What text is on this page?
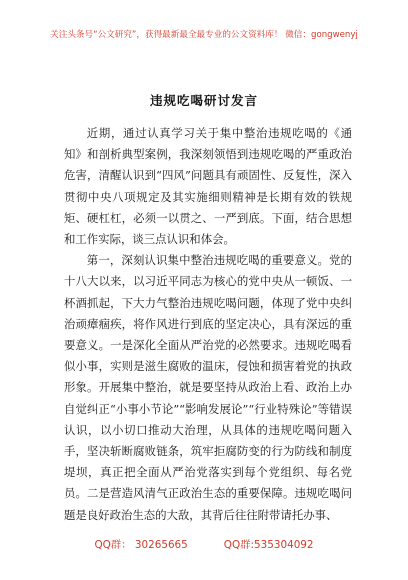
关注头条号“公文研究”，获得最新最全最专业的公文资料库！ 微信：gongwenyj
违规吃喝研讨发言

近期，通过认真学习关于集中整治违规吃喝的《通知》和剖析典型案例，我深刻领悟到违规吃喝的严重政治危害，清醒认识到“四风”问题具有顽固性、反复性，深入贯彻中央八项规定及其实施细则精神是长期有效的铁规矩、硬杠杠，必须一以贯之、一严到底。下面，结合思想和工作实际，谈三点认识和体会。

第一，深刻认识集中整治违规吃喝的重要意义。党的十八大以来，以习近平同志为核心的党中央从一顿饭、一杯酒抓起，下大力气整治违规吃喝问题，体现了党中央纠治顽瘴痼疾，将作风进行到底的坚定决心，具有深远的重要意义。一是深化全面从严治党的必然要求。违规吃喝看似小事，实则是滋生腐败的温床，侵蚀和损害着党的执政形象。开展集中整治，就是要坚持从政治上看、政治上办自觉纠正“小事小节论”“影响发展论”“行业特殊论”等错误认识，以小切口推动大治理，从具体的违规吃喝问题入手，坚决斩断腐败链条，筑牢拒腐防变的行为防线和制度堤坝，真正把全面从严治党落实到每个党组织、每名党员。二是营造风清气正政治生态的重要保障。违规吃喝问题是良好政治生态的大敌，其背后往往附带请托办事、

QQ群： 30265665	QQ群:535304092
